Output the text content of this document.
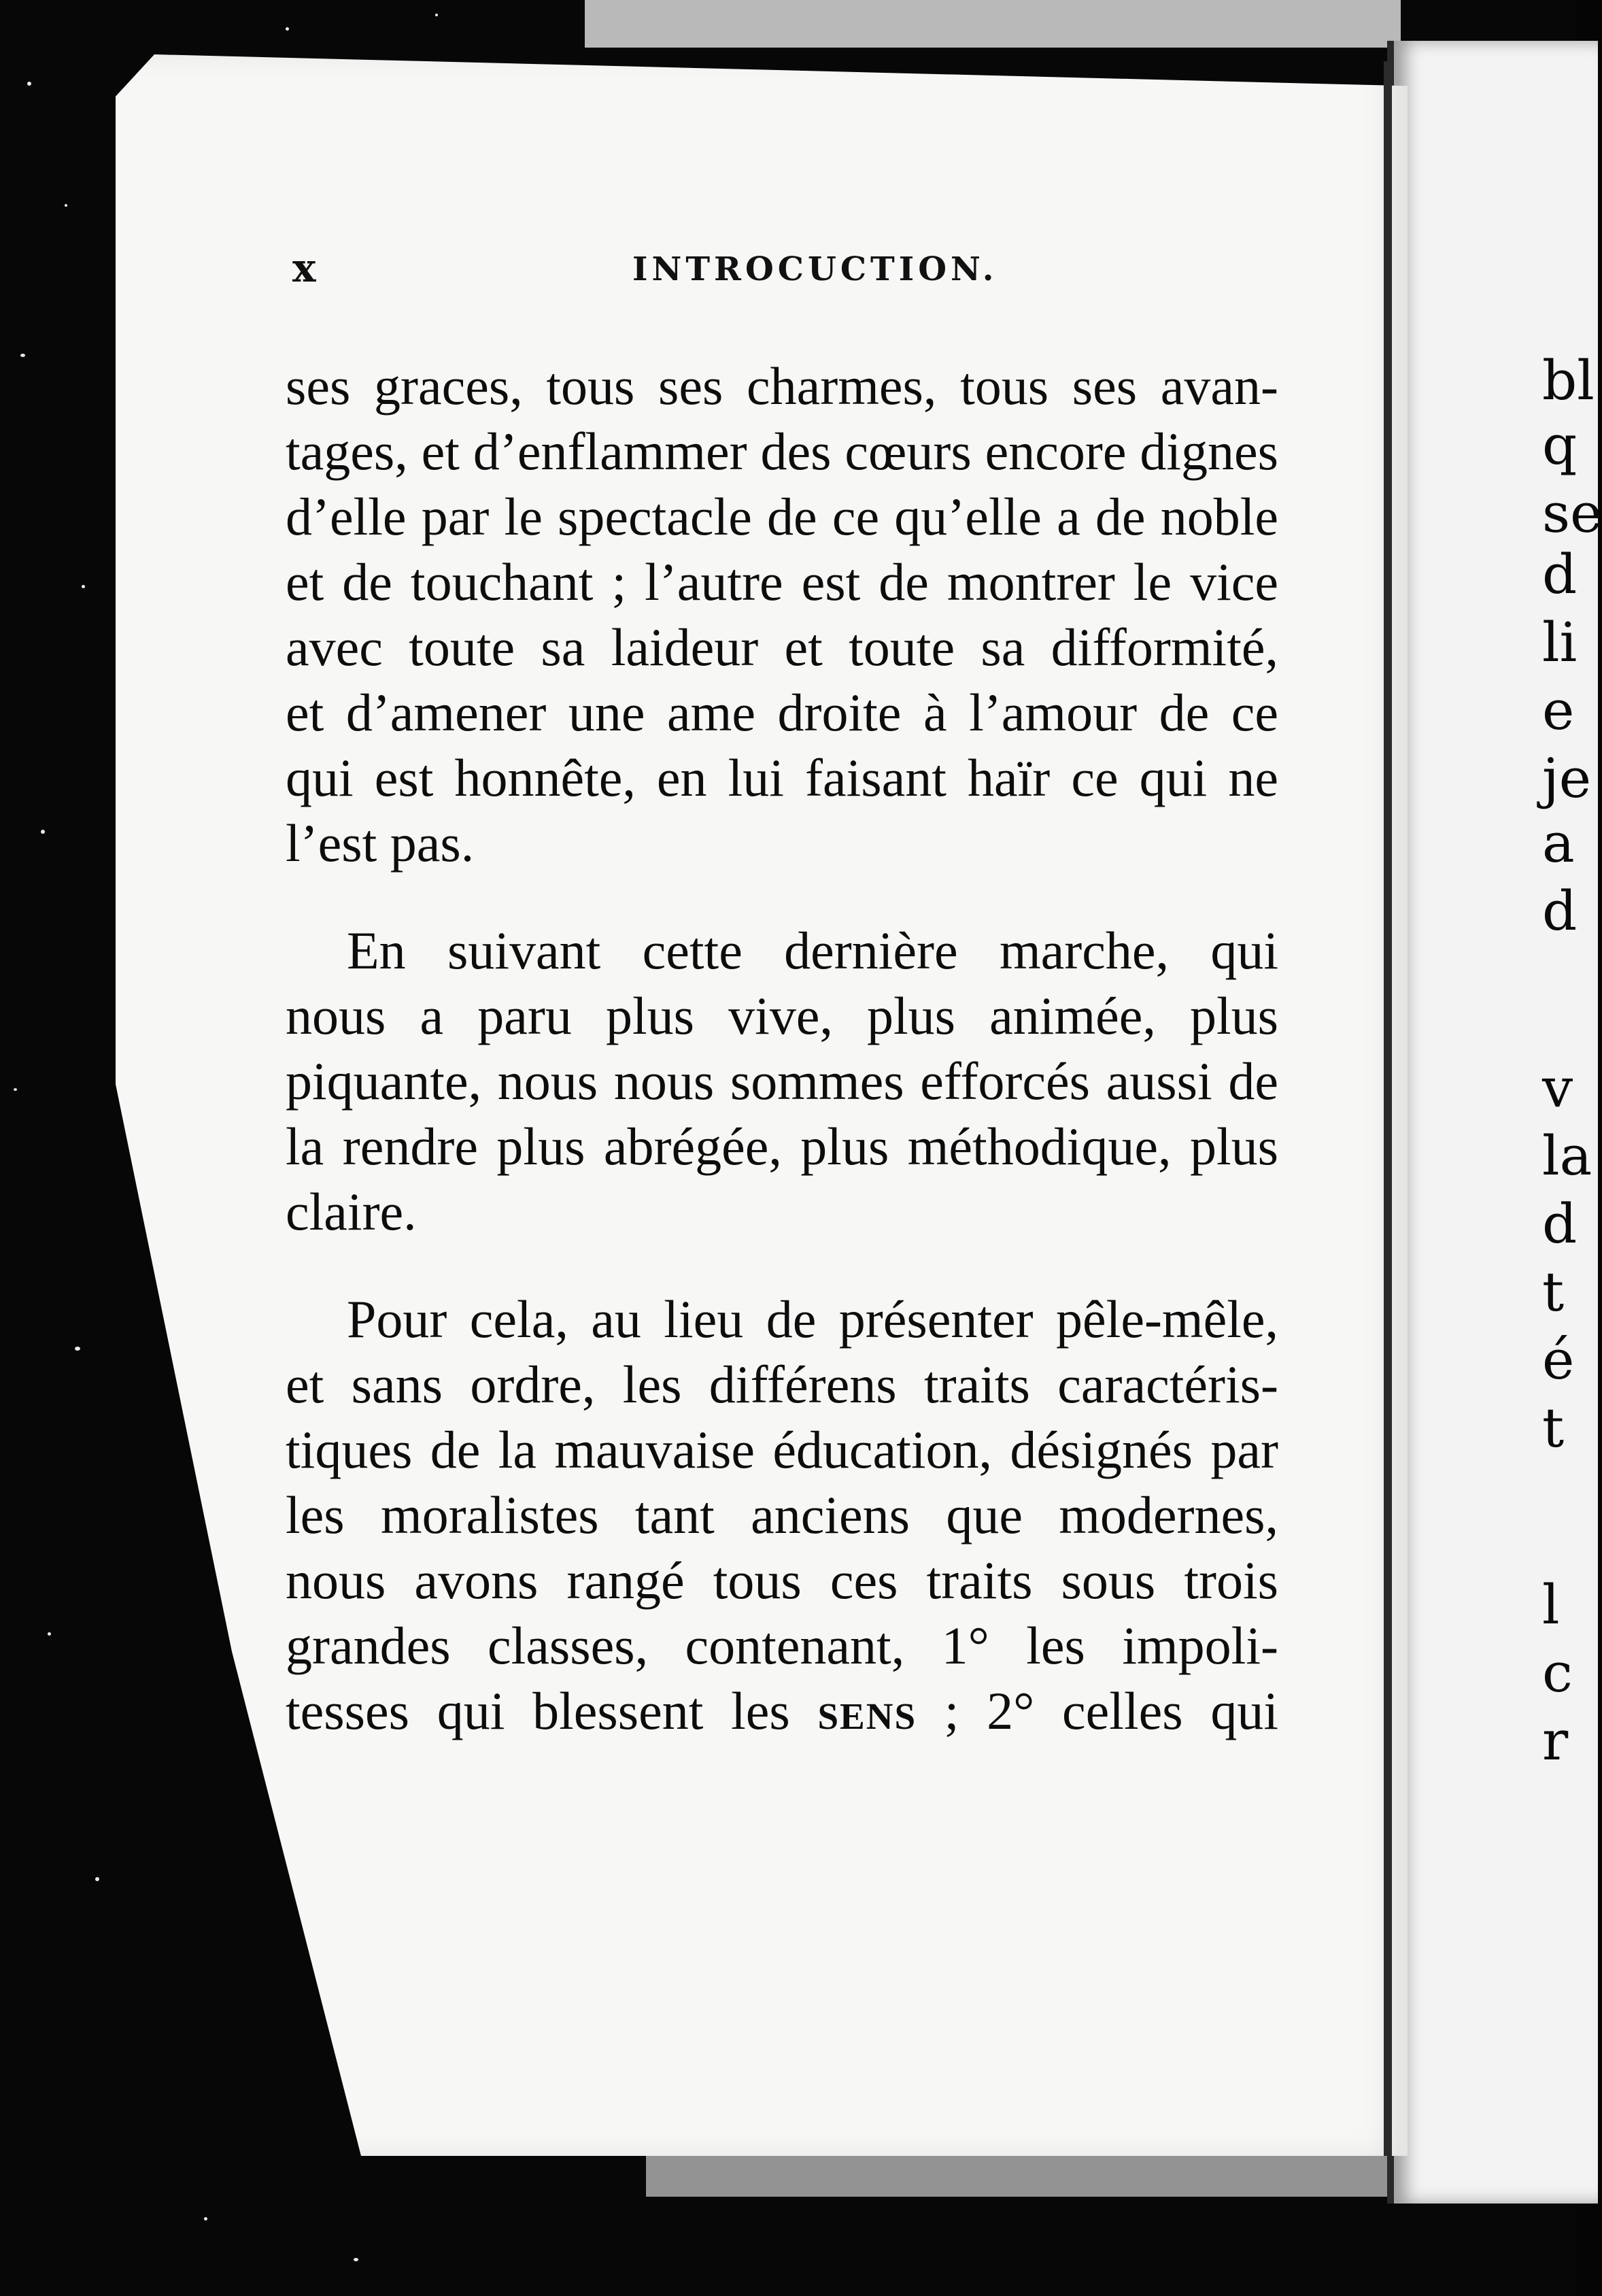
bl
q
se
d
li
e
je
a
d
v
la
d
t
é
t
l
c
r
x	INTROCUCTION.
ses graces, tous ses charmes, tous ses avan-
tages, et d’enflammer des cœurs encore dignes
d’elle par le spectacle de ce qu’elle a de noble
et de touchant ; l’autre est de montrer le vice
avec toute sa laideur et toute sa difformité,
et d’amener une ame droite à l’amour de ce
qui est honnête, en lui faisant haïr ce qui ne
l’est pas.
En suivant cette dernière marche, qui
nous a paru plus vive, plus animée, plus
piquante, nous nous sommes efforcés aussi de
la rendre plus abrégée, plus méthodique, plus
claire.
Pour cela, au lieu de présenter pêle-mêle,
et sans ordre, les différens traits caractéris-
tiques de la mauvaise éducation, désignés par
les moralistes tant anciens que modernes,
nous avons rangé tous ces traits sous trois
grandes classes, contenant, 1° les impoli-
tesses qui blessent les sens ; 2° celles qui
